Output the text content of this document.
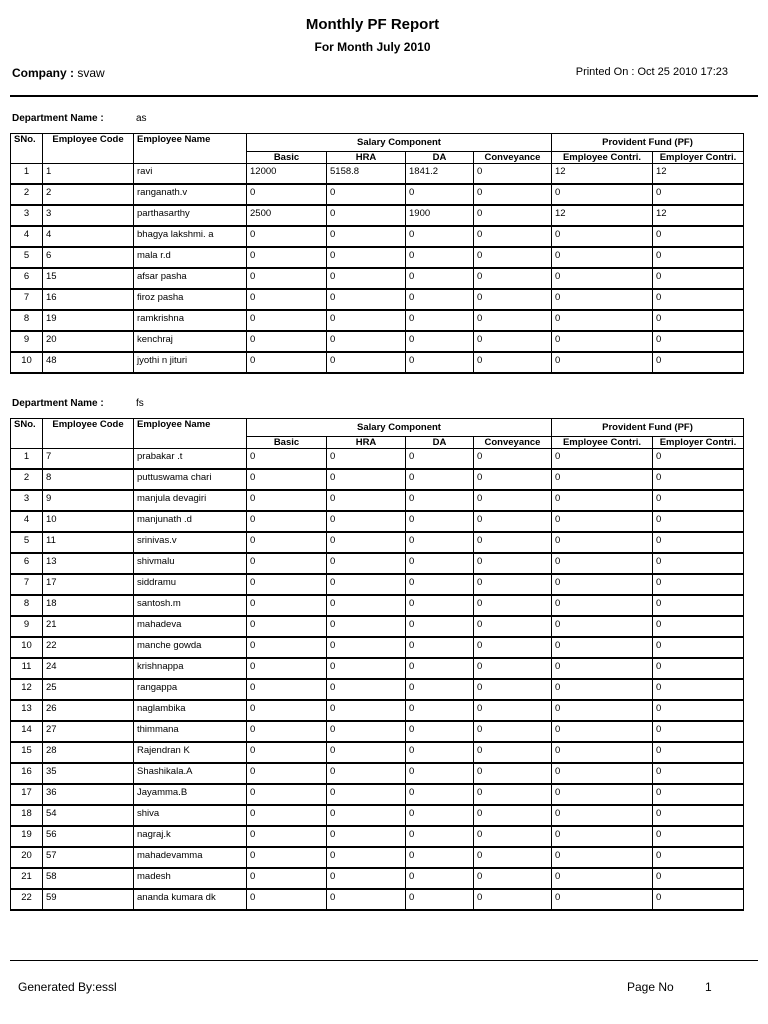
Monthly PF Report
For Month July 2010
Company : svaw	Printed On : Oct 25 2010 17:23
Department Name :	as
SNo.	Employee Code	Employee Name	Salary Component				Provident Fund (PF)	
			Basic	HRA	DA	Conveyance	Employee Contri.	Employer Contri.
1	1	ravi	12000	5158.8	1841.2	0	12	12
2	2	ranganath.v	0	0	0	0	0	0
3	3	parthasarthy	2500	0	1900	0	12	12
4	4	bhagya lakshmi. a	0	0	0	0	0	0
5	6	mala r.d	0	0	0	0	0	0
6	15	afsar pasha	0	0	0	0	0	0
7	16	firoz pasha	0	0	0	0	0	0
8	19	ramkrishna	0	0	0	0	0	0
9	20	kenchraj	0	0	0	0	0	0
10	48	jyothi n jituri	0	0	0	0	0	0
Department Name :	fs
SNo.	Employee Code	Employee Name	Salary Component				Provident Fund (PF)	
			Basic	HRA	DA	Conveyance	Employee Contri.	Employer Contri.
1	7	prabakar .t	0	0	0	0	0	0
2	8	puttuswama chari	0	0	0	0	0	0
3	9	manjula devagiri	0	0	0	0	0	0
4	10	manjunath .d	0	0	0	0	0	0
5	11	srinivas.v	0	0	0	0	0	0
6	13	shivmalu	0	0	0	0	0	0
7	17	siddramu	0	0	0	0	0	0
8	18	santosh.m	0	0	0	0	0	0
9	21	mahadeva	0	0	0	0	0	0
10	22	manche gowda	0	0	0	0	0	0
11	24	krishnappa	0	0	0	0	0	0
12	25	rangappa	0	0	0	0	0	0
13	26	naglambika	0	0	0	0	0	0
14	27	thimmana	0	0	0	0	0	0
15	28	Rajendran K	0	0	0	0	0	0
16	35	Shashikala.A	0	0	0	0	0	0
17	36	Jayamma.B	0	0	0	0	0	0
18	54	shiva	0	0	0	0	0	0
19	56	nagraj.k	0	0	0	0	0	0
20	57	mahadevamma	0	0	0	0	0	0
21	58	madesh	0	0	0	0	0	0
22	59	ananda kumara dk	0	0	0	0	0	0
Generated By:essl	Page No	1
